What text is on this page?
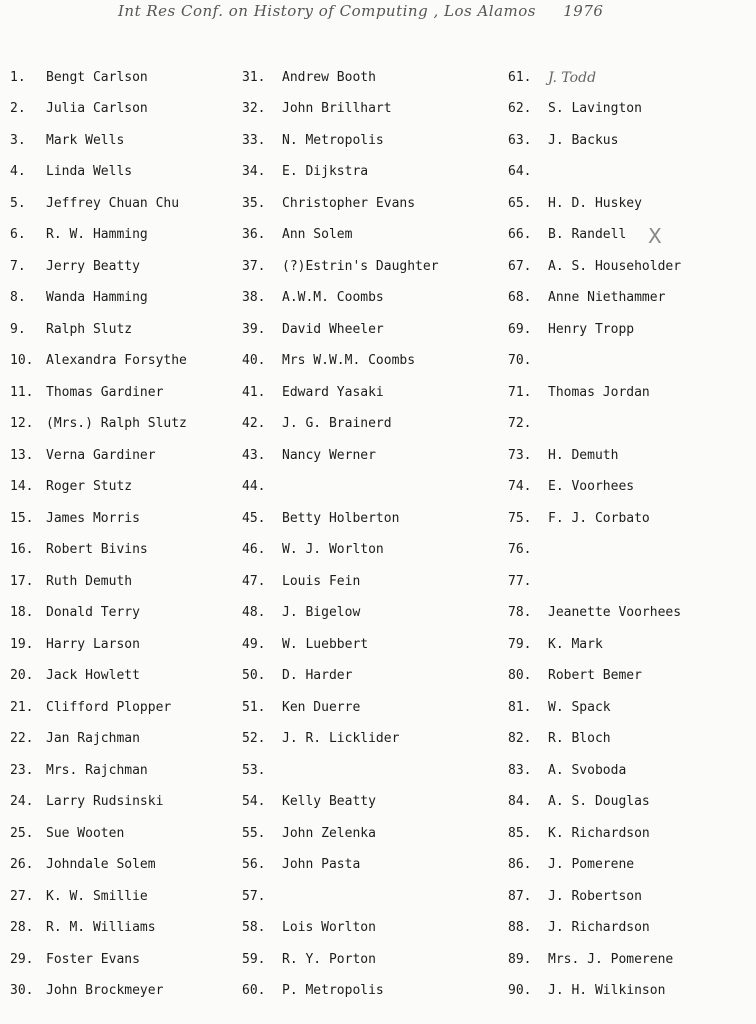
Int Res Conf. on History of Computing , Los Alamos 1976
1.	Bengt Carlson
2.	Julia Carlson
3.	Mark Wells
4.	Linda Wells
5.	Jeffrey Chuan Chu
6.	R. W. Hamming
7.	Jerry Beatty
8.	Wanda Hamming
9.	Ralph Slutz
10. Alexandra Forsythe
11. Thomas Gardiner
12. (Mrs.) Ralph Slutz
13. Verna Gardiner
14. Roger Stutz
15. James Morris
16. Robert Bivins
17. Ruth Demuth
18. Donald Terry
19. Harry Larson
20. Jack Howlett
21. Clifford Plopper
22. Jan Rajchman
23. Mrs. Rajchman
24. Larry Rudsinski
25. Sue Wooten
26. Johndale Solem
27. K. W. Smillie
28. R. M. Williams
29. Foster Evans
30. John Brockmeyer
31.	Andrew Booth
32.	John Brillhart
33.	N. Metropolis
34.	E. Dijkstra
35.	Christopher Evans
36.	Ann Solem
37.	(?)Estrin's Daughter
38.	A.W.M. Coombs
39.	David Wheeler
40.	Mrs W.W.M. Coombs
41.	Edward Yasaki
42.	J. G. Brainerd
43.	Nancy Werner
44.
45.	Betty Holberton
46.	W. J. Worlton
47.	Louis Fein
48.	J. Bigelow
49.	W. Luebbert
50.	D. Harder
51.	Ken Duerre
52.	J. R. Licklider
53.
54.	Kelly Beatty
55.	John Zelenka
56.	John Pasta
57.
58.	Lois Worlton
59.	R. Y. Porton
60.	P. Metropolis
61.	J. Todd
62.	S. Lavington
63.	J. Backus
64.
65.	H. D. Huskey
66.	B. Randell
67.	A. S. Householder
68.	Anne Niethammer
69.	Henry Tropp
70.
71.	Thomas Jordan
72.
73.	H. Demuth
74.	E. Voorhees
75.	F. J. Corbato
76.
77.
78.	Jeanette Voorhees
79.	K. Mark
80.	Robert Bemer
81.	W. Spack
82.	R. Bloch
83.	A. Svoboda
84.	A. S. Douglas
85.	K. Richardson
86.	J. Pomerene
87.	J. Robertson
88.	J. Richardson
89.	Mrs. J. Pomerene
90.	J. H. Wilkinson
X
